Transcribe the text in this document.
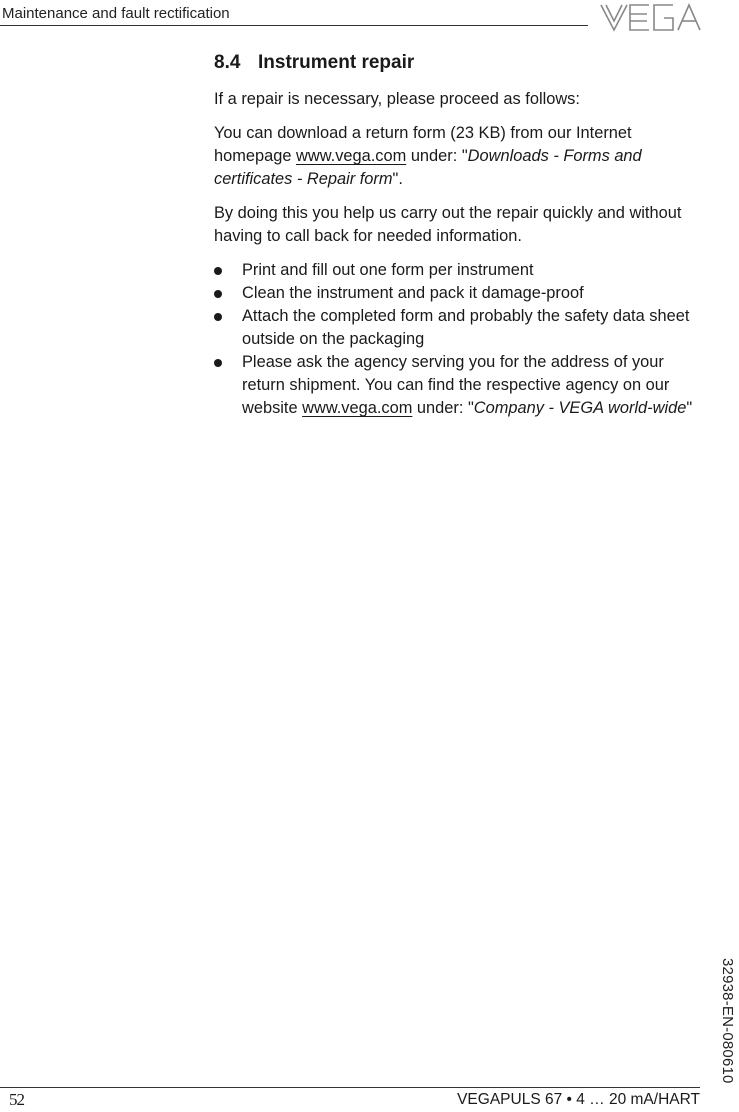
Maintenance and fault rectification
8.4 Instrument repair

If a repair is necessary, please proceed as follows:

You can download a return form (23 KB) from our Internet homepage www.vega.com under: "Downloads - Forms and certificates - Repair form".

By doing this you help us carry out the repair quickly and without having to call back for needed information.

Print and fill out one form per instrument
Clean the instrument and pack it damage-proof
Attach the completed form and probably the safety data sheet outside on the packaging
Please ask the agency serving you for the address of your return shipment. You can find the respective agency on our website www.vega.com under: "Company - VEGA world-wide"
32938-EN-080610
52	VEGAPULS 67 • 4 … 20 mA/HART
